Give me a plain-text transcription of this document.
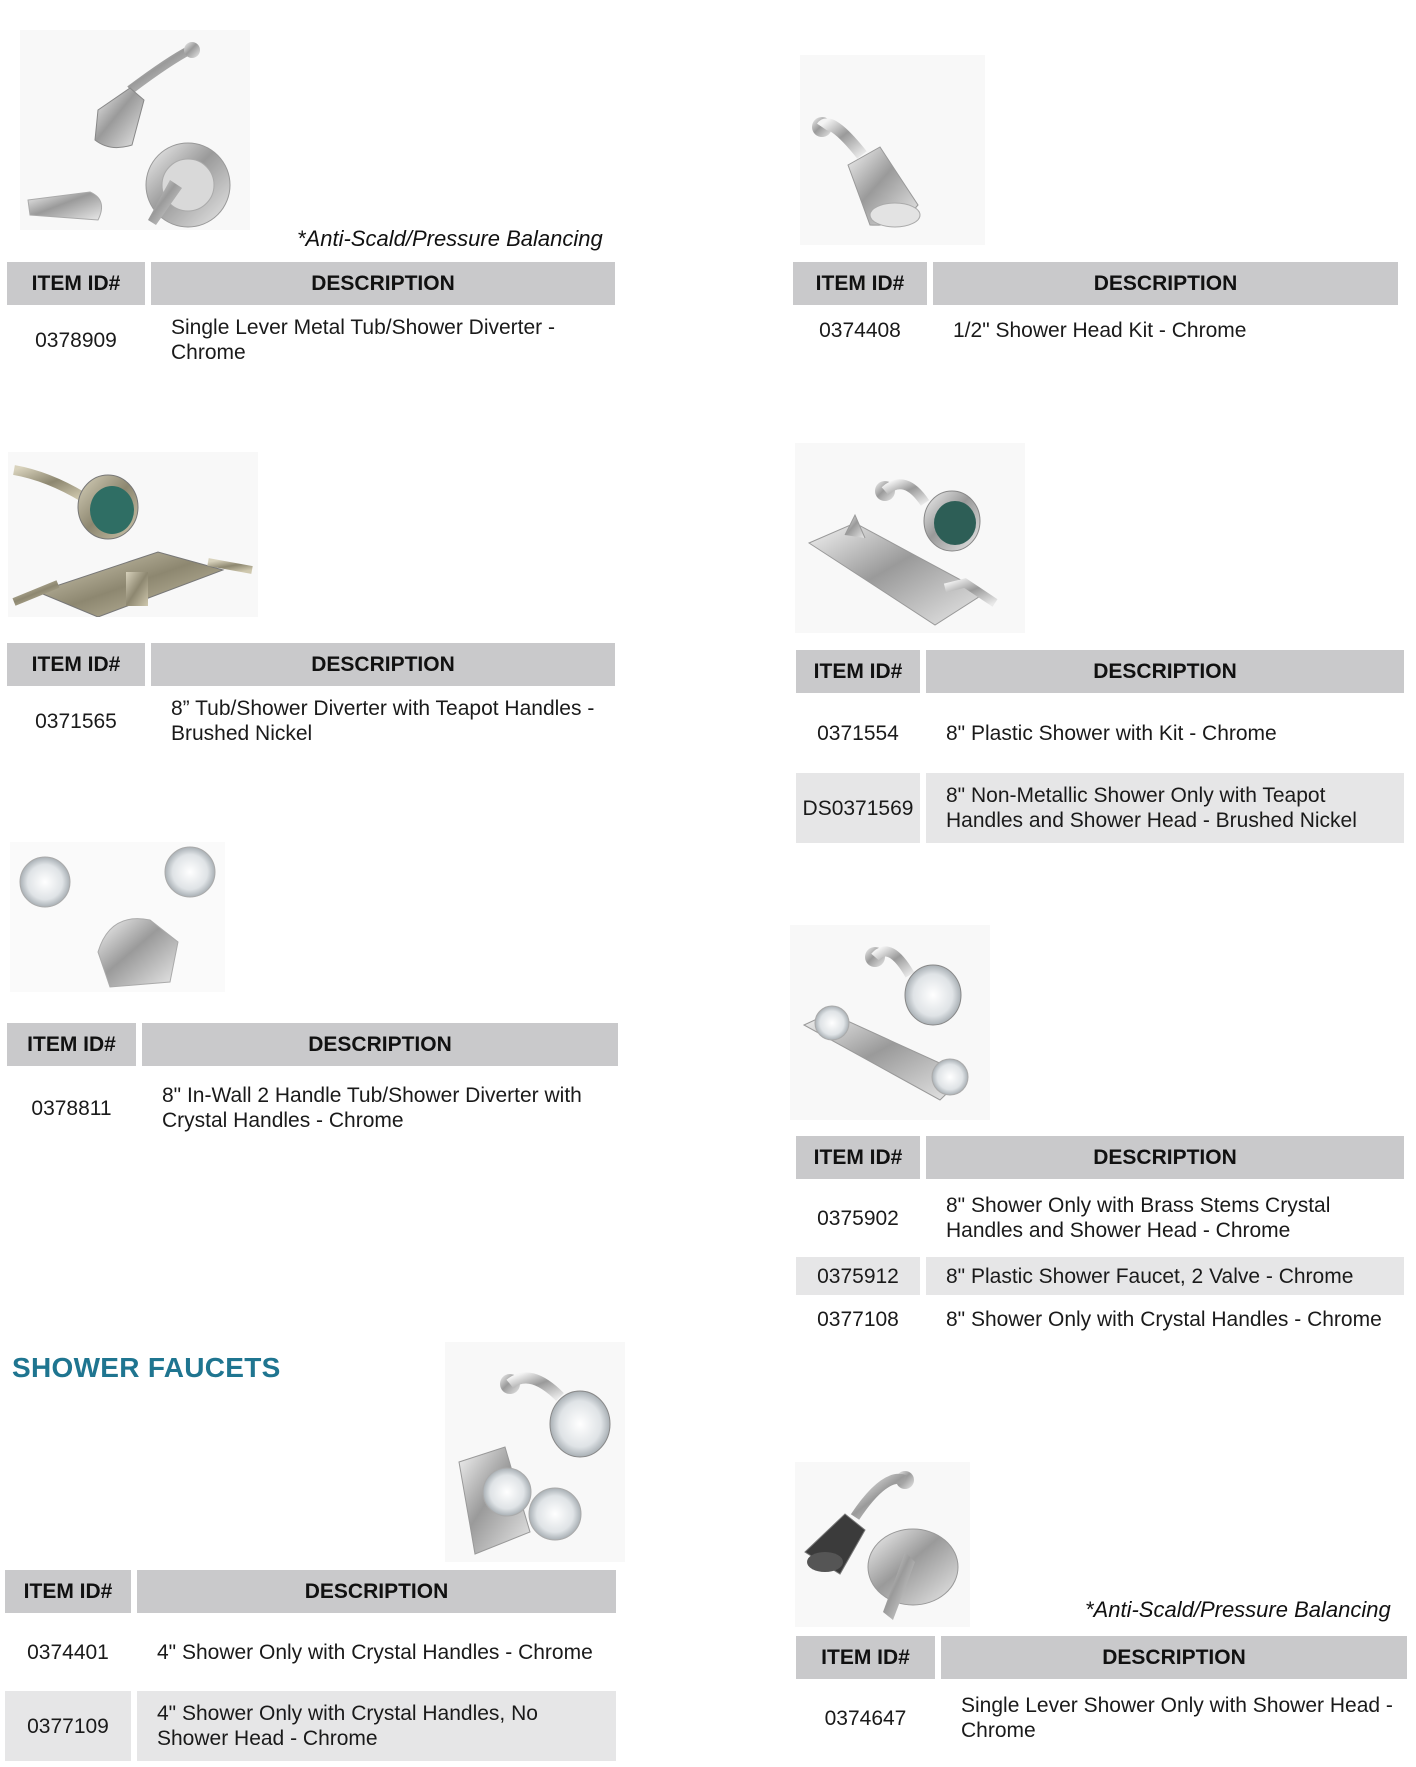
*Anti-Scald/Pressure Balancing
ITEM ID#	DESCRIPTION
0378909	Single Lever Metal Tub/Shower Diverter - Chrome
ITEM ID#	DESCRIPTION
0374408	1/2" Shower Head Kit - Chrome
ITEM ID#	DESCRIPTION
0371565	8” Tub/Shower Diverter with Teapot Handles - Brushed Nickel
ITEM ID#	DESCRIPTION
0371554	8" Plastic Shower with Kit - Chrome
DS0371569	8" Non-Metallic Shower Only with Teapot Handles and Shower Head - Brushed Nickel
ITEM ID#	DESCRIPTION
0378811	8" In-Wall 2 Handle Tub/Shower Diverter with Crystal Handles - Chrome
ITEM ID#	DESCRIPTION
0375902	8" Shower Only with Brass Stems Crystal Handles and Shower Head - Chrome
0375912	8" Plastic Shower Faucet, 2 Valve - Chrome
0377108	8" Shower Only with Crystal Handles - Chrome
SHOWER FAUCETS
ITEM ID#	DESCRIPTION
0374401	4" Shower Only with Crystal Handles - Chrome
0377109	4" Shower Only with Crystal Handles, No Shower Head - Chrome
*Anti-Scald/Pressure Balancing
ITEM ID#	DESCRIPTION
0374647	Single Lever Shower Only with Shower Head - Chrome
